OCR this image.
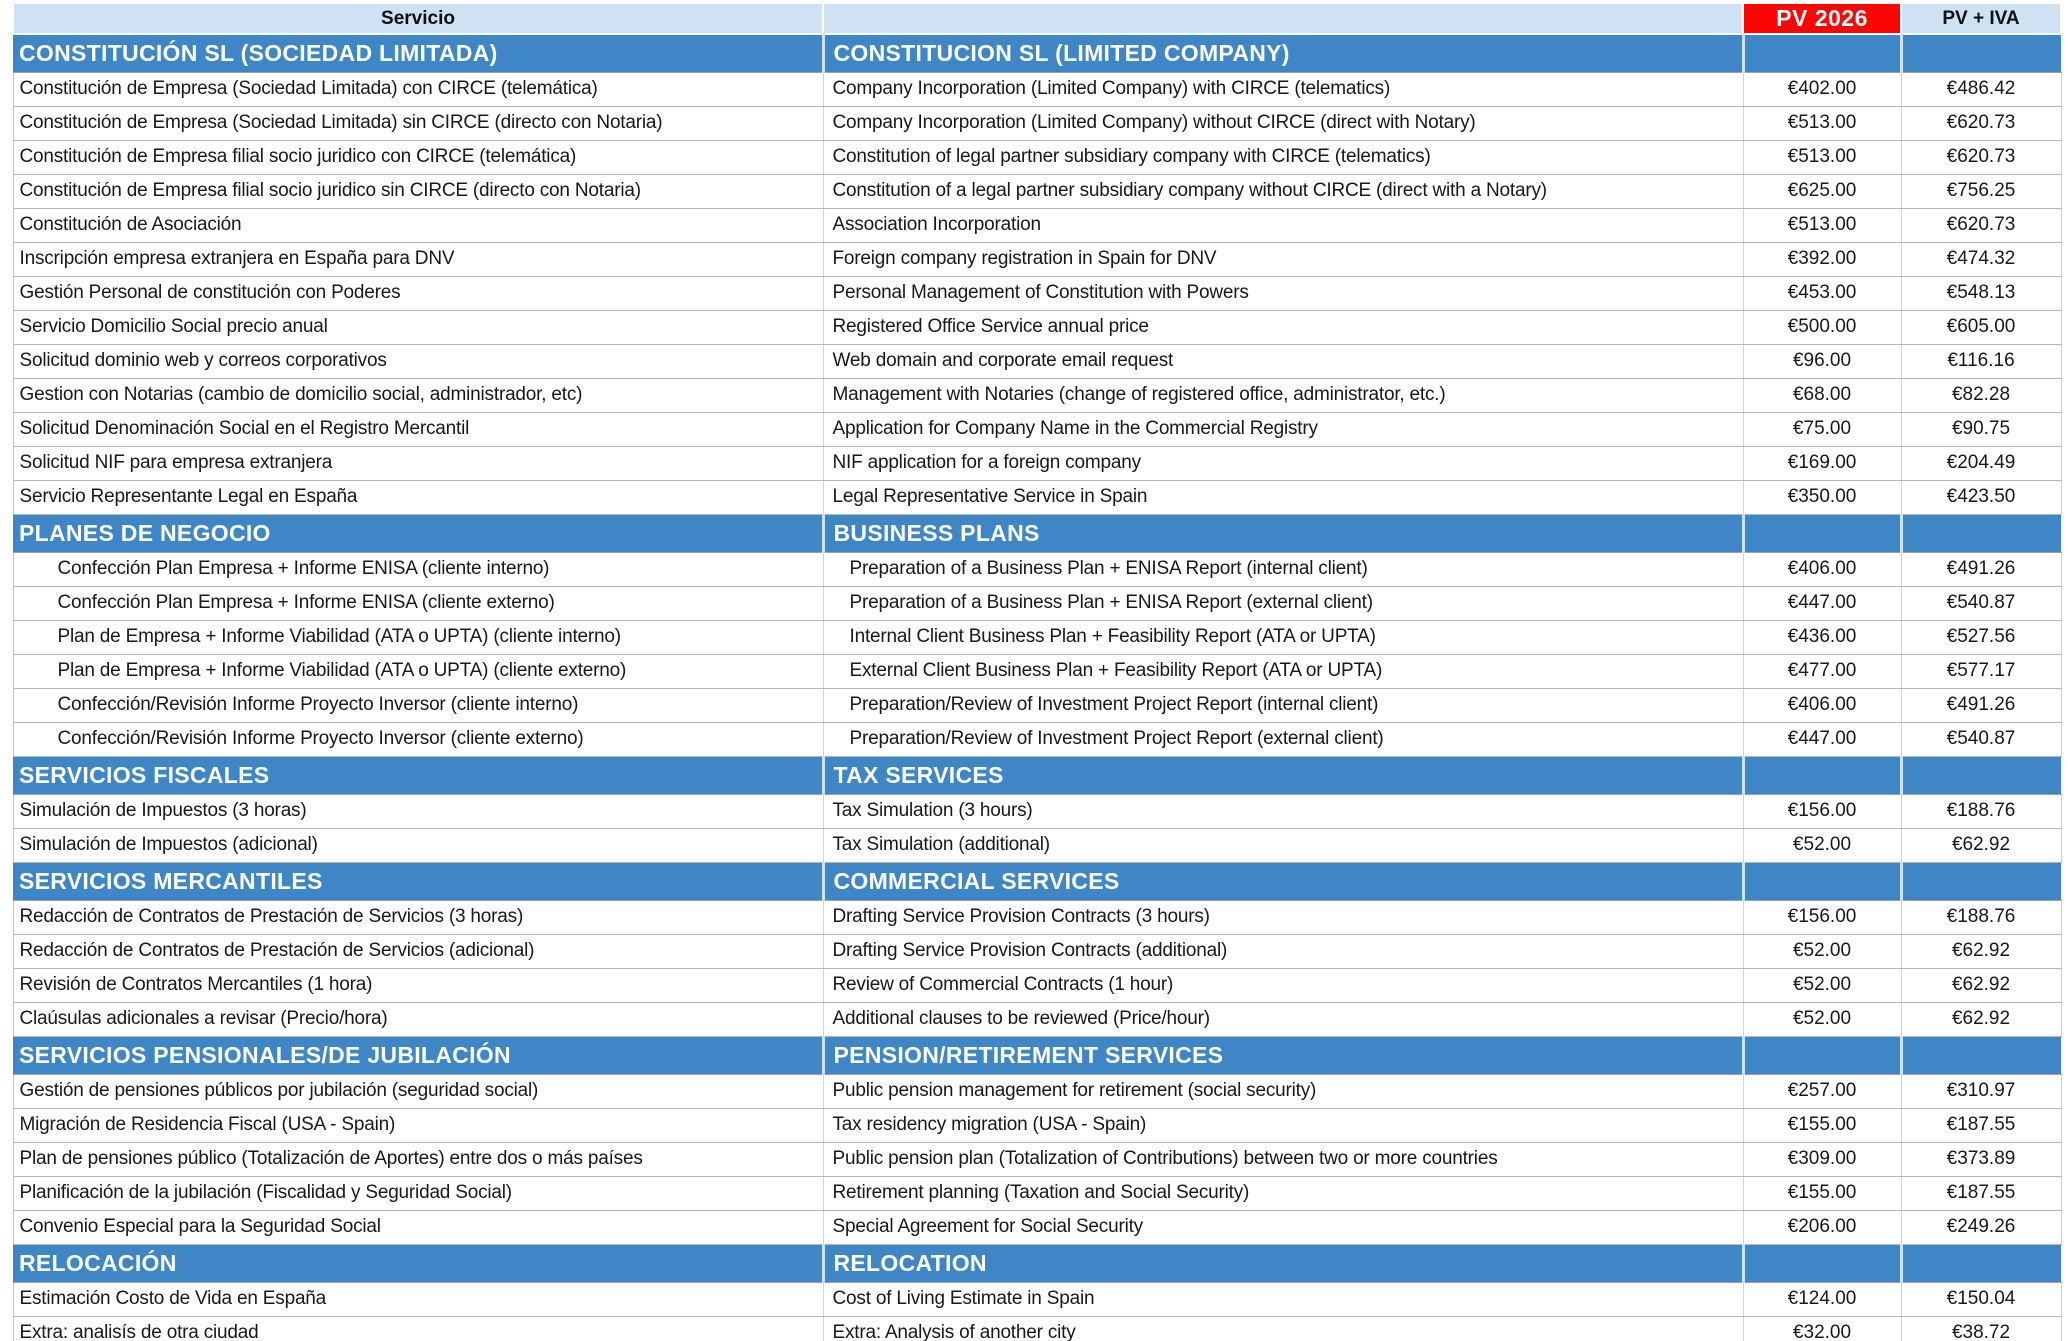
Servicio		PV 2026	PV + IVA
CONSTITUCIÓN SL (SOCIEDAD LIMITADA)	CONSTITUCION SL (LIMITED COMPANY)		
Constitución de Empresa (Sociedad Limitada) con CIRCE (telemática)	Company Incorporation (Limited Company) with CIRCE (telematics)	€402.00	€486.42
Constitución de Empresa (Sociedad Limitada) sin CIRCE (directo con Notaria)	Company Incorporation (Limited Company) without CIRCE (direct with Notary)	€513.00	€620.73
Constitución de Empresa filial socio juridico con CIRCE (telemática)	Constitution of legal partner subsidiary company with CIRCE (telematics)	€513.00	€620.73
Constitución de Empresa filial socio juridico sin CIRCE (directo con Notaria)	Constitution of a legal partner subsidiary company without CIRCE (direct with a Notary)	€625.00	€756.25
Constitución de Asociación	Association Incorporation	€513.00	€620.73
Inscripción empresa extranjera en España para DNV	Foreign company registration in Spain for DNV	€392.00	€474.32
Gestión Personal de constitución con Poderes	Personal Management of Constitution with Powers	€453.00	€548.13
Servicio Domicilio Social precio anual	Registered Office Service annual price	€500.00	€605.00
Solicitud dominio web y correos corporativos	Web domain and corporate email request	€96.00	€116.16
Gestion con Notarias (cambio de domicilio social, administrador, etc)	Management with Notaries (change of registered office, administrator, etc.)	€68.00	€82.28
Solicitud Denominación Social en el Registro Mercantil	Application for Company Name in the Commercial Registry	€75.00	€90.75
Solicitud NIF para empresa extranjera	NIF application for a foreign company	€169.00	€204.49
Servicio Representante Legal en España	Legal Representative Service in Spain	€350.00	€423.50
PLANES DE NEGOCIO	BUSINESS PLANS		
Confección Plan Empresa + Informe ENISA (cliente interno)	Preparation of a Business Plan + ENISA Report (internal client)	€406.00	€491.26
Confección Plan Empresa + Informe ENISA (cliente externo)	Preparation of a Business Plan + ENISA Report (external client)	€447.00	€540.87
Plan de Empresa + Informe Viabilidad (ATA o UPTA) (cliente interno)	Internal Client Business Plan + Feasibility Report (ATA or UPTA)	€436.00	€527.56
Plan de Empresa + Informe Viabilidad (ATA o UPTA) (cliente externo)	External Client Business Plan + Feasibility Report (ATA or UPTA)	€477.00	€577.17
Confección/Revisión Informe Proyecto Inversor (cliente interno)	Preparation/Review of Investment Project Report (internal client)	€406.00	€491.26
Confección/Revisión Informe Proyecto Inversor (cliente externo)	Preparation/Review of Investment Project Report (external client)	€447.00	€540.87
SERVICIOS FISCALES	TAX SERVICES		
Simulación de Impuestos (3 horas)	Tax Simulation (3 hours)	€156.00	€188.76
Simulación de Impuestos (adicional)	Tax Simulation (additional)	€52.00	€62.92
SERVICIOS MERCANTILES	COMMERCIAL SERVICES		
Redacción de Contratos de Prestación de Servicios (3 horas)	Drafting Service Provision Contracts (3 hours)	€156.00	€188.76
Redacción de Contratos de Prestación de Servicios (adicional)	Drafting Service Provision Contracts (additional)	€52.00	€62.92
Revisión de Contratos Mercantiles (1 hora)	Review of Commercial Contracts (1 hour)	€52.00	€62.92
Claúsulas adicionales a revisar (Precio/hora)	Additional clauses to be reviewed (Price/hour)	€52.00	€62.92
SERVICIOS PENSIONALES/DE JUBILACIÓN	PENSION/RETIREMENT SERVICES		
Gestión de pensiones públicos por jubilación (seguridad social)	Public pension management for retirement (social security)	€257.00	€310.97
Migración de Residencia Fiscal (USA - Spain)	Tax residency migration (USA - Spain)	€155.00	€187.55
Plan de pensiones público (Totalización de Aportes) entre dos o más países	Public pension plan (Totalization of Contributions) between two or more countries	€309.00	€373.89
Planificación de la jubilación (Fiscalidad y Seguridad Social)	Retirement planning (Taxation and Social Security)	€155.00	€187.55
Convenio Especial para la Seguridad Social	Special Agreement for Social Security	€206.00	€249.26
RELOCACIÓN	RELOCATION		
Estimación Costo de Vida en España	Cost of Living Estimate in Spain	€124.00	€150.04
Extra: analisís de otra ciudad	Extra: Analysis of another city	€32.00	€38.72
